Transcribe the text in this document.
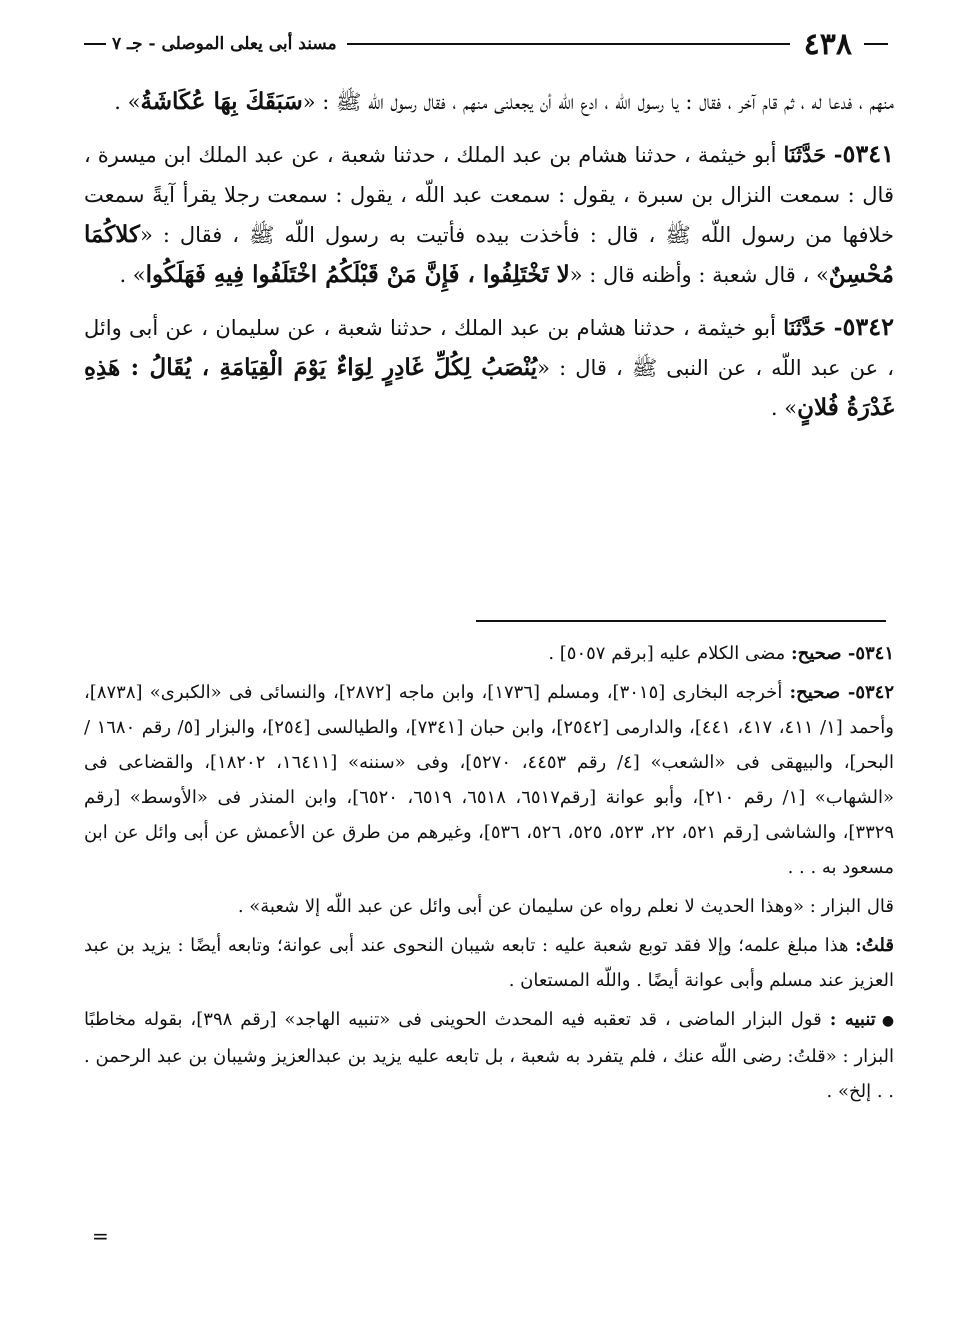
٤٣٨
مسند أبى يعلى الموصلى - جـ ٧

منهم ، فدعا له ، ثم قام آخر ، فقال : يا رسول اللّه ، ادع اللّه أن يجعلنى منهم ، فقال رسول اللّه ﷺ : «سَبَقَكَ بِهَا عُكَاشَةُ» .

٥٣٤١- حَدَّثَنَا أبو خيثمة ، حدثنا هشام بن عبد الملك ، حدثنا شعبة ، عن عبد الملك ابن ميسرة ، قال : سمعت النزال بن سبرة ، يقول : سمعت عبد اللّه ، يقول : سمعت رجلا يقرأ آيةً سمعت خلافها من رسول اللّه ﷺ ، قال : فأخذت بيده فأتيت به رسول اللّه ﷺ ، فقال : «كلاكُمَا مُحْسِنٌ» ، قال شعبة : وأظنه قال : «لا تَخْتَلِفُوا ، فَإِنَّ مَنْ قَبْلَكُمُ اخْتَلَفُوا فِيهِ فَهَلَكُوا» .

٥٣٤٢- حَدَّثَنَا أبو خيثمة ، حدثنا هشام بن عبد الملك ، حدثنا شعبة ، عن سليمان ، عن أبى وائل ، عن عبد اللّه ، عن النبى ﷺ ، قال : «يُنْصَبُ لِكُلِّ غَادِرٍ لِوَاءٌ يَوْمَ الْقِيَامَةِ ، يُقَالُ : هَذِهِ غَدْرَةُ فُلانٍ» .

٥٣٤١- صحيح: مضى الكلام عليه [برقم ٥٠٥٧] .

٥٣٤٢- صحيح: أخرجه البخارى [٣٠١٥]، ومسلم [١٧٣٦]، وابن ماجه [٢٨٧٢]، والنسائى فى «الكبرى» [٨٧٣٨]، وأحمد [١/ ٤١١، ٤١٧، ٤٤١]، والدارمى [٢٥٤٢]، وابن حبان [٧٣٤١]، والطيالسى [٢٥٤]، والبزار [٥/ رقم ١٦٨٠ / البحر]، والبيهقى فى «الشعب» [٤/ رقم ٤٤٥٣، ٥٢٧٠]، وفى «سننه» [١٦٤١١، ١٨٢٠٢]، والقضاعى فى «الشهاب» [١/ رقم ٢١٠]، وأبو عوانة [رقم٦٥١٧، ٦٥١٨، ٦٥١٩، ٦٥٢٠]، وابن المنذر فى «الأوسط» [رقم ٣٣٢٩]، والشاشى [رقم ٥٢١، ٢٢، ٥٢٣، ٥٢٥، ٥٢٦، ٥٣٦]، وغيرهم من طرق عن الأعمش عن أبى وائل عن ابن مسعود به . . .

قال البزار : «وهذا الحديث لا نعلم رواه عن سليمان عن أبى وائل عن عبد اللّه إلا شعبة» .

قلتُ: هذا مبلغ علمه؛ وإلا فقد توبع شعبة عليه : تابعه شيبان النحوى عند أبى عوانة؛ وتابعه أيضًا : يزيد بن عبد العزيز عند مسلم وأبى عوانة أيضًا . واللّه المستعان .

●تنبيه : قول البزار الماضى ، قد تعقبه فيه المحدث الحوينى فى «تنبيه الهاجد» [رقم ٣٩٨]، بقوله مخاطبًا البزار : «قلتُ: رضى اللّه عنك ، فلم يتفرد به شعبة ، بل تابعه عليه يزيد بن عبدالعزيز وشيبان بن عبد الرحمن . . . إلخ» .

=
